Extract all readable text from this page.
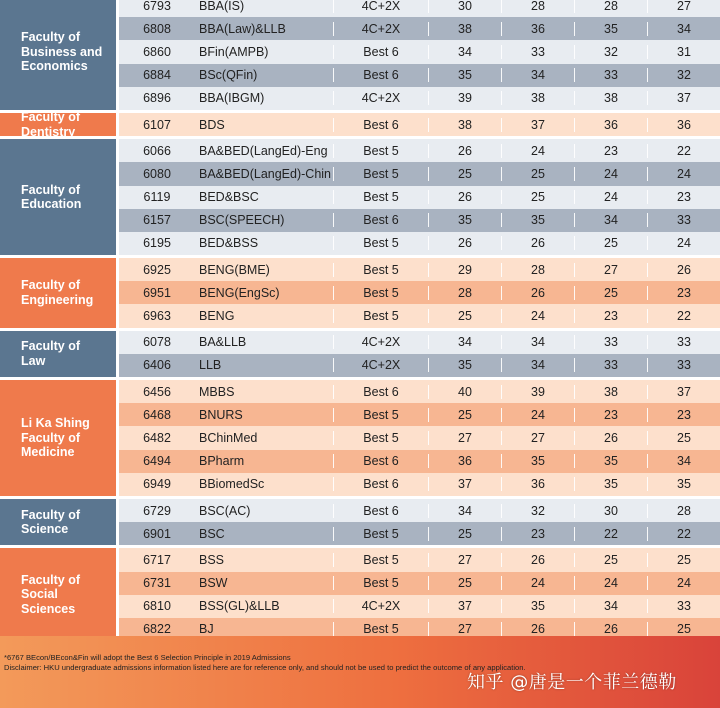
Faculty of
Business and
Economics
6793	BBA(IS)	4C+2X	30	28	28	27
6808	BBA(Law)&LLB	4C+2X	38	36	35	34
6860	BFin(AMPB)	Best 6	34	33	32	31
6884	BSc(QFin)	Best 6	35	34	33	32
6896	BBA(IBGM)	4C+2X	39	38	38	37
Faculty of
Dentistry	6107	BDS	Best 6	38	37	36	36
Faculty of
Education
6066	BA&BED(LangEd)-Eng	Best 5	26	24	23	22
6080	BA&BED(LangEd)-Chin	Best 5	25	25	24	24
6119	BED&BSC	Best 5	26	25	24	23
6157	BSC(SPEECH)	Best 6	35	35	34	33
6195	BED&BSS	Best 5	26	26	25	24
Faculty of
Engineering
6925	BENG(BME)	Best 5	29	28	27	26
6951	BENG(EngSc)	Best 5	28	26	25	23
6963	BENG	Best 5	25	24	23	22
Faculty of
Law
6078	BA&LLB	4C+2X	34	34	33	33
6406	LLB	4C+2X	35	34	33	33
Li Ka Shing
Faculty of
Medicine
6456	MBBS	Best 6	40	39	38	37
6468	BNURS	Best 5	25	24	23	23
6482	BChinMed	Best 5	27	27	26	25
6494	BPharm	Best 6	36	35	35	34
6949	BBiomedSc	Best 6	37	36	35	35
Faculty of
Science
6729	BSC(AC)	Best 6	34	32	30	28
6901	BSC	Best 5	25	23	22	22
Faculty of
Social Sciences
6717	BSS	Best 5	27	26	25	25
6731	BSW	Best 5	25	24	24	24
6810	BSS(GL)&LLB	4C+2X	37	35	34	33
6822	BJ	Best 5	27	26	26	25
*6767 BEcon/BEcon&Fin will adopt the Best 6 Selection Principle in 2019 Admissions
Disclaimer: HKU undergraduate admissions information listed here are for reference only, and should not be used to predict the outcome of any application.
知乎 @唐是一个菲兰德勒
